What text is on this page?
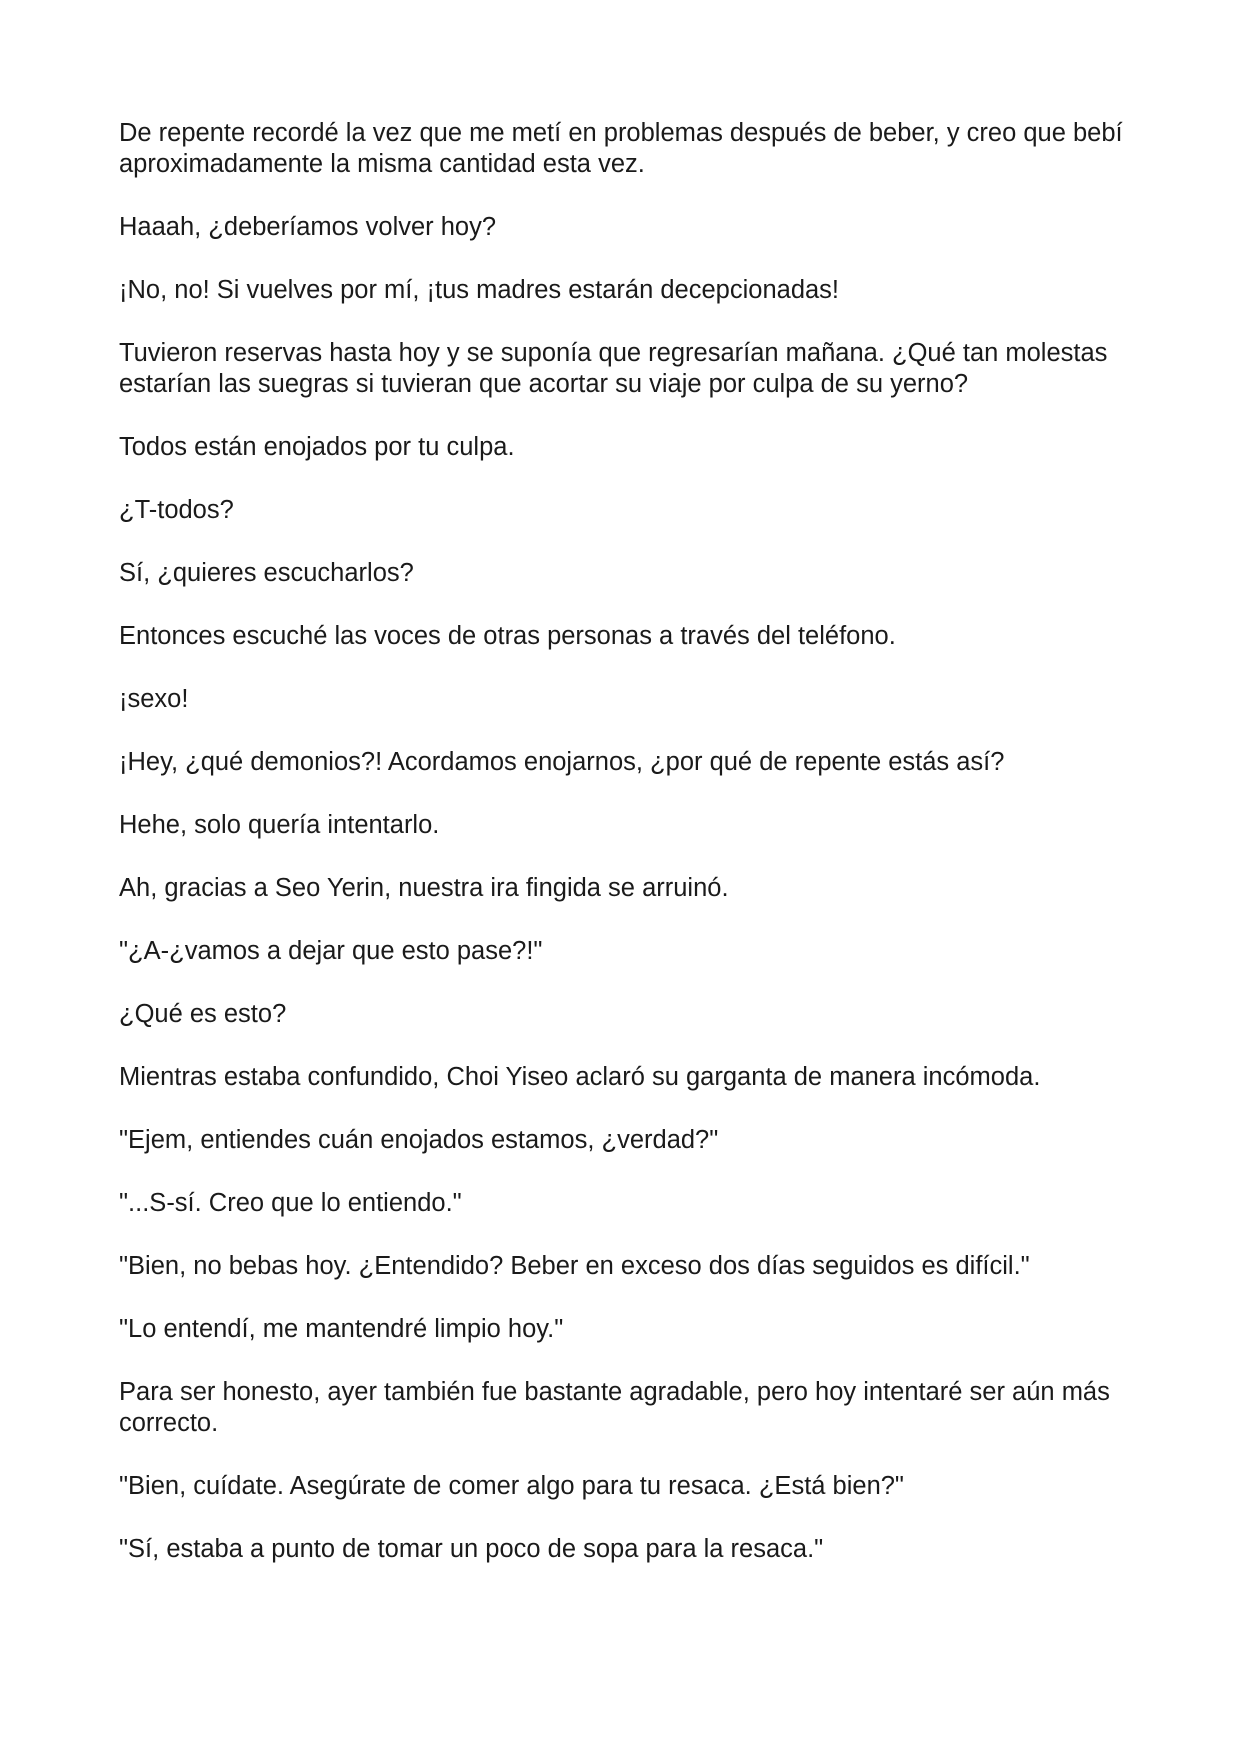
De repente recordé la vez que me metí en problemas después de beber, y creo que bebí aproximadamente la misma cantidad esta vez.

Haaah, ¿deberíamos volver hoy?

¡No, no! Si vuelves por mí, ¡tus madres estarán decepcionadas!

Tuvieron reservas hasta hoy y se suponía que regresarían mañana. ¿Qué tan molestas estarían las suegras si tuvieran que acortar su viaje por culpa de su yerno?

Todos están enojados por tu culpa.

¿T-todos?

Sí, ¿quieres escucharlos?

Entonces escuché las voces de otras personas a través del teléfono.

¡sexo!

¡Hey, ¿qué demonios?! Acordamos enojarnos, ¿por qué de repente estás así?

Hehe, solo quería intentarlo.

Ah, gracias a Seo Yerin, nuestra ira fingida se arruinó.

"¿A-¿vamos a dejar que esto pase?!"

¿Qué es esto?

Mientras estaba confundido, Choi Yiseo aclaró su garganta de manera incómoda.

"Ejem, entiendes cuán enojados estamos, ¿verdad?"

"...S-sí. Creo que lo entiendo."

"Bien, no bebas hoy. ¿Entendido? Beber en exceso dos días seguidos es difícil."

"Lo entendí, me mantendré limpio hoy."

Para ser honesto, ayer también fue bastante agradable, pero hoy intentaré ser aún más correcto.

"Bien, cuídate. Asegúrate de comer algo para tu resaca. ¿Está bien?"

"Sí, estaba a punto de tomar un poco de sopa para la resaca."
